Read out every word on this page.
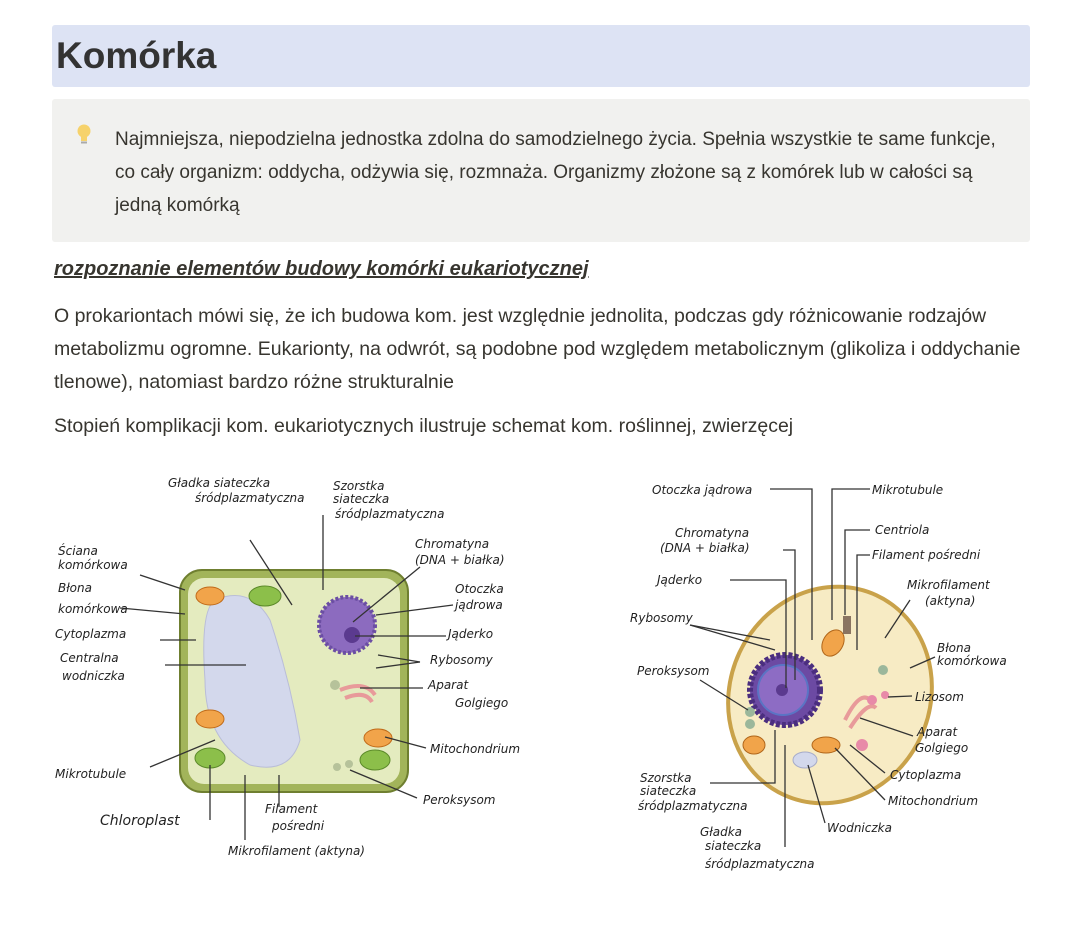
Komórka

Najmniejsza, niepodzielna jednostka zdolna do samodzielnego życia. Spełnia wszystkie te same funkcje, co cały organizm: oddycha, odżywia się, rozmnaża. Organizmy złożone są z komórek lub w całości są jedną komórką

rozpoznanie elementów budowy komórki eukariotycznej

O prokariontach mówi się, że ich budowa kom. jest względnie jednolita, podczas gdy różnicowanie rodzajów metabolizmu ogromne. Eukarionty, na odwrót, są podobne pod względem metabolicznym (glikoliza i oddychanie tlenowe), natomiast bardzo różne strukturalnie

Stopień komplikacji kom. eukariotycznych ilustruje schemat kom. roślinnej, zwierzęcej

Gładka siateczka
śródplazmatyczna
Szorstka
siateczka
śródplazmatyczna
Chromatyna
(DNA + białka)
Ściana
komórkowa
Błona
komórkowa
Cytoplazma
Centralna
wodniczka
Otoczka
jądrowa
Jąderko
Rybosomy
Aparat
Golgiego
Mitochondrium
Mikrotubule
Peroksysom
Chloroplast
Filament
pośredni
Mikrofilament (aktyna)
Otoczka jądrowa	Mikrotubule
Chromatyna
(DNA + białka)
Centriola
Filament pośredni
Jąderko	Mikrofilament
(aktyna)
Rybosomy
Błona
komórkowa
Peroksysom
Lizosom
Aparat
Golgiego
Szorstka
siateczka
śródplazmatyczna
Cytoplazma
Mitochondrium
Gładka
siateczka
śródplazmatyczna
Wodniczka
